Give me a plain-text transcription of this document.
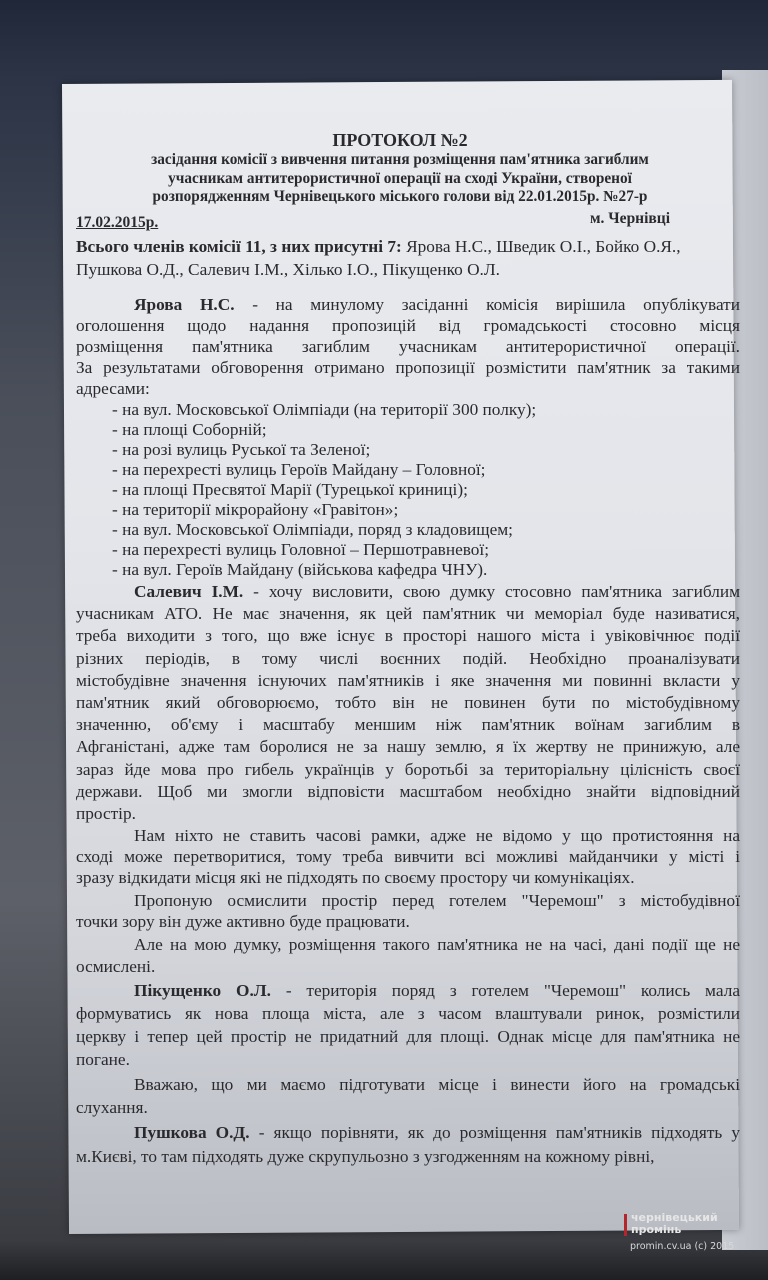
ПРОТОКОЛ №2
засідання комісії з вивчення питання розміщення пам'ятника загиблим
учасникам антитерористичної операції на сході України, створеної
розпорядженням Чернівецького міського голови від 22.01.2015р. №27-р
17.02.2015р.	м. Чернівці
Всього членів комісії 11, з них присутні 7: Ярова Н.С., Шведик О.І., Бойко О.Я.,
Пушкова О.Д., Салевич І.М., Хілько І.О., Пікущенко О.Л.
Ярова Н.С. - на минулому засіданні комісія вирішила опублікувати
оголошення щодо надання пропозицій від громадськості стосовно місця
розміщення пам'ятника загиблим учасникам антитерористичної операції.
За результатами обговорення отримано пропозиції розмістити пам'ятник за такими
адресами:
- на вул. Московської Олімпіади (на території 300 полку);
- на площі Соборній;
- на розі вулиць Руської та Зеленої;
- на перехресті вулиць Героїв Майдану – Головної;
- на площі Пресвятої Марії (Турецької криниці);
- на території мікрорайону «Гравітон»;
- на вул. Московської Олімпіади, поряд з кладовищем;
- на перехресті вулиць Головної – Першотравневої;
- на вул. Героїв Майдану (військова кафедра ЧНУ).
Салевич І.М. - хочу висловити, свою думку стосовно пам'ятника загиблим
учасникам АТО. Не має значення, як цей пам'ятник чи меморіал буде називатися,
треба виходити з того, що вже існує в просторі нашого міста і увіковічнює події
різних періодів, в тому числі воєнних подій. Необхідно проаналізувати
містобудівне значення існуючих пам'ятників і яке значення ми повинні вкласти у
пам'ятник який обговорюємо, тобто він не повинен бути по містобудівному
значенню, об'єму і масштабу меншим ніж пам'ятник воїнам загиблим в
Афганістані, адже там боролися не за нашу землю, я їх жертву не принижую, але
зараз йде мова про гибель українців у боротьбі за територіальну цілісність своєї
держави. Щоб ми змогли відповісти масштабом необхідно знайти відповідний
простір.
Нам ніхто не ставить часові рамки, адже не відомо у що протистояння на
сході може перетворитися, тому треба вивчити всі можливі майданчики у місті і
зразу відкидати місця які не підходять по своєму простору чи комунікаціях.
Пропоную осмислити простір перед готелем "Черемош" з містобудівної
точки зору він дуже активно буде працювати.
Але на мою думку, розміщення такого пам'ятника не на часі, дані події ще не
осмислені.
Пікущенко О.Л. - територія поряд з готелем "Черемош" колись мала
формуватись як нова площа міста, але з часом влаштували ринок, розмістили
церкву і тепер цей простір не придатний для площі. Однак місце для пам'ятника не
погане.
Вважаю, що ми маємо підготувати місце і винести його на громадські
слухання.
Пушкова О.Д. - якщо порівняти, як до розміщення пам'ятників підходять у
м.Києві, то там підходять дуже скрупульозно з узгодженням на кожному рівні,
чернівецький
промінь
promin.cv.ua (c) 2015
